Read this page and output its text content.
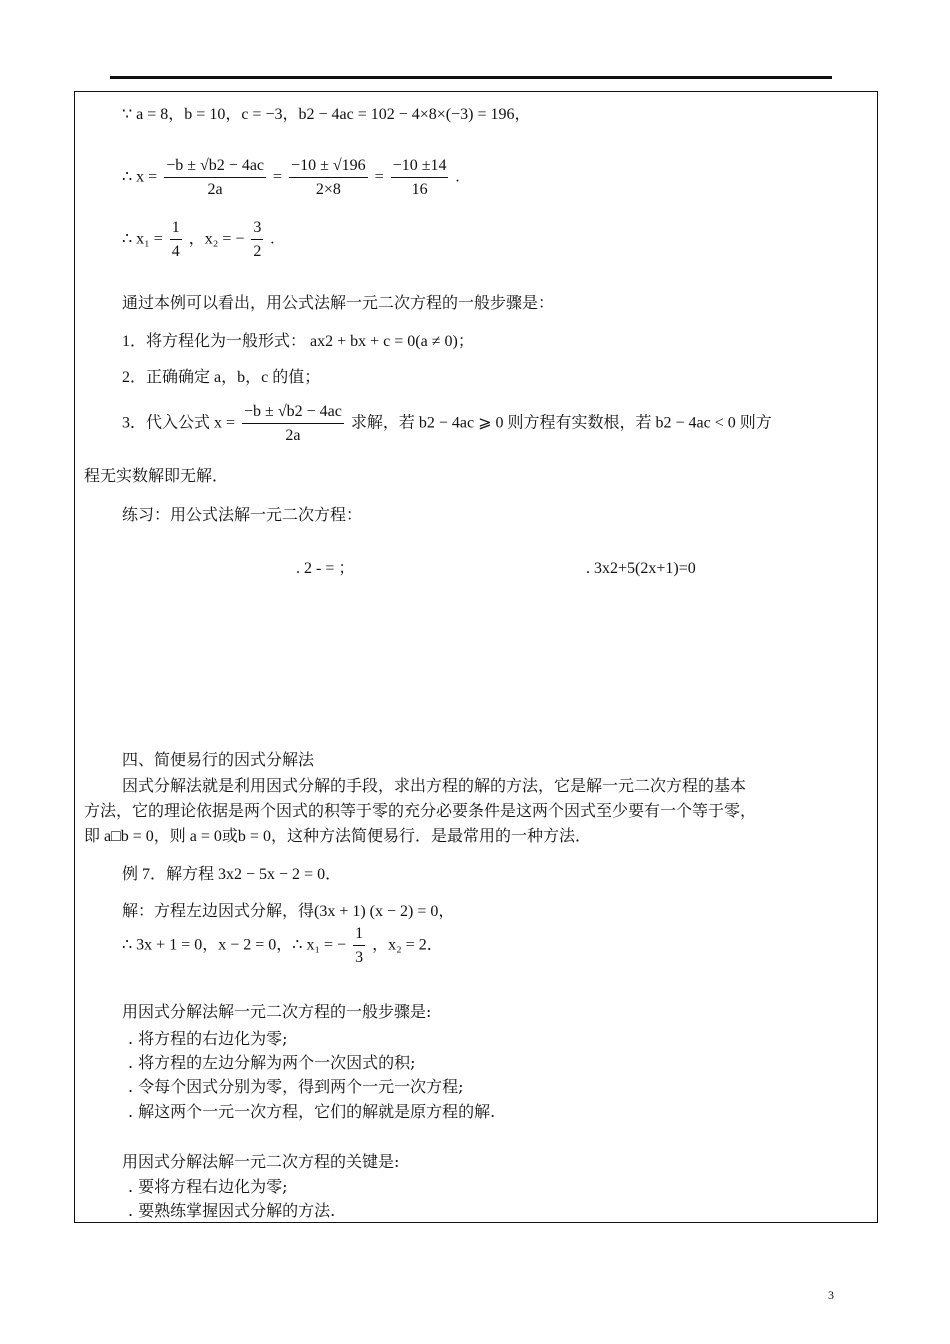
∵ a = 8，b = 10，c = −3，b2 − 4ac = 102 − 4×8×(−3) = 196，
∴ $x = \frac{-b \pm √b2 - 4ac}{2a} = \frac{-10 \pm √196}{2\times 8} = \frac{-10 \pm 14}{16}$ .
∴ $x_1 = \frac{1}{4}$ ，x₂ = − $\frac{3}{2}$ .
通过本例可以看出，用公式法解一元二次方程的一般步骤是：
1．将方程化为一般形式： ax2 + bx + c = 0(a ≠ 0)；
2．正确确定 a，b，c 的值；
3．代入公式 $x = \frac{-b \pm √b2 - 4ac}{2a}$ 求解，若 b2 − 4ac ⩾ 0 则方程有实数根，若 b2 − 4ac < 0 则方
程无实数解即无解．
练习：用公式法解一元二次方程：
. 2 - = ；	. 3x2+5(2x+1)=0
四、简便易行的因式分解法
因式分解法就是利用因式分解的手段，求出方程的解的方法，它是解一元二次方程的基本
方法，它的理论依据是两个因式的积等于零的充分必要条件是这两个因式至少要有一个等于零，
即 a□b = 0，则 a = 0或b = 0，这种方法简便易行．是最常用的一种方法．
例 7．解方程 3x2 − 5x − 2 = 0．
解：方程左边因式分解，得(3x + 1) (x − 2) = 0，
∴ 3x + 1 = 0，x − 2 = 0，∴ x₁ = − $\frac{1}{3}$ ，x₂ = 2．
用因式分解法解一元二次方程的一般步骤是:
. 将方程的右边化为零;
. 将方程的左边分解为两个一次因式的积;
. 令每个因式分别为零，得到两个一元一次方程;
. 解这两个一元一次方程，它们的解就是原方程的解.
用因式分解法解一元二次方程的关键是:
. 要将方程右边化为零;
. 要熟练掌握因式分解的方法.
3
